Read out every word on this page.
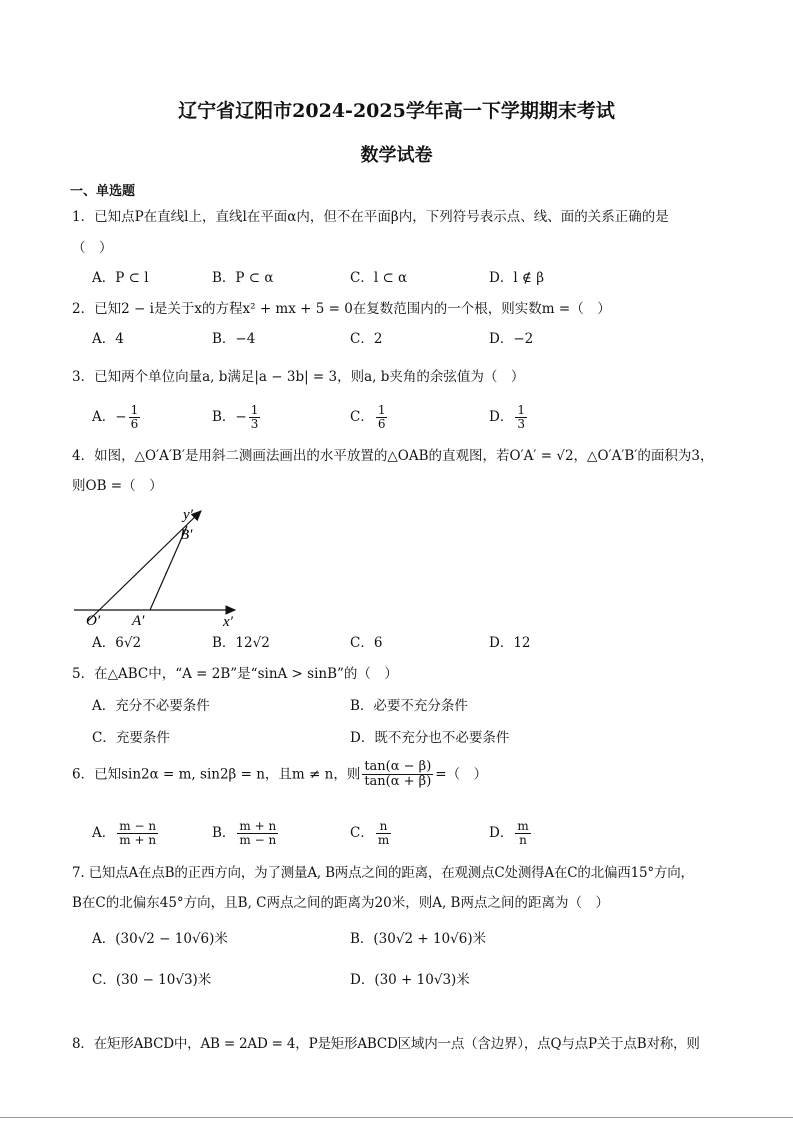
辽宁省辽阳市2024-2025学年高一下学期期末考试
数学试卷
一、单选题
1．已知点P在直线l上，直线l在平面α内，但不在平面β内，下列符号表示点、线、面的关系正确的是
（　）
A．P ⊂ l	B．P ⊂ α	C．l ⊂ α	D．l ∉ β
2．已知2 − i是关于x的方程x² + mx + 5 = 0在复数范围内的一个根，则实数m =（　）
A．4	B．−4	C．2	D．−2
3．已知两个单位向量a, b满足|a − 3b| = 3，则a, b夹角的余弦值为（　）
A．− $\frac{1}{6}$	B．− $\frac{1}{3}$	C． $\frac{1}{6}$	D． $\frac{1}{3}$
4．如图，△O′A′B′是用斜二测画法画出的水平放置的△OAB的直观图，若O′A′ = √2，△O′A′B′的面积为3，
则OB =（　）
y′
B′
O′ A′	x′
A．6√2	B．12√2	C．6	D．12
5．在△ABC中，“A = 2B”是“sinA > sinB”的（　）
A．充分不必要条件	B．必要不充分条件
C．充要条件	D．既不充分也不必要条件
6．已知sin2α = m, sin2β = n，且m ≠ n，则 $\frac{\tan(\alpha - \beta)}{\tan(\alpha + \beta)}$ =（　）
A． $\frac{m - n}{m + n}$	B． $\frac{m + n}{m - n}$	C． $\frac{n}{m}$	D． $\frac{m}{n}$
7. 已知点A在点B的正西方向，为了测量A, B两点之间的距离，在观测点C处测得A在C的北偏西15°方向，
B在C的北偏东45°方向，且B, C两点之间的距离为20米，则A, B两点之间的距离为（　）
A．(30√2 − 10√6)米	B．(30√2 + 10√6)米
C．(30 − 10√3)米	D．(30 + 10√3)米
8．在矩形ABCD中，AB = 2AD = 4，P是矩形ABCD区域内一点（含边界），点Q与点P关于点B对称，则
